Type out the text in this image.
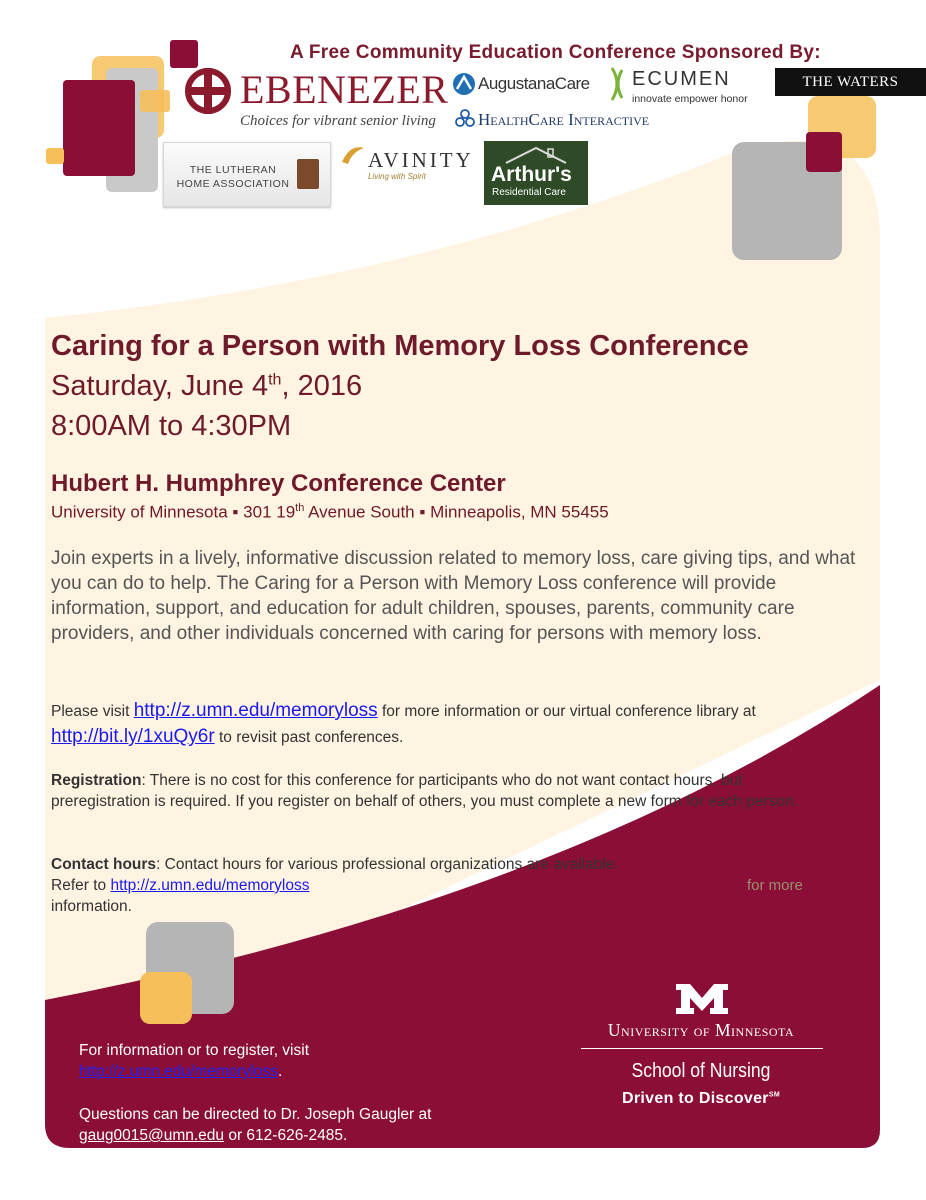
A Free Community Education Conference Sponsored By:
EBENEZER
Choices for vibrant senior living
AugustanaCare ECUMEN
innovate empower honor
THE WATERS
HealthCare Interactive
THE LUTHERAN HOME ASSOCIATION
AVINITY
Living with Spirit	Arthur's
Residential Care
Caring for a Person with Memory Loss Conference
Saturday, June 4th, 2016
8:00AM to 4:30PM
Hubert H. Humphrey Conference Center
University of Minnesota ▪ 301 19th Avenue South ▪ Minneapolis, MN 55455
Join experts in a lively, informative discussion related to memory loss, care giving tips, and what you can do to help. The Caring for a Person with Memory Loss conference will provide information, support, and education for adult children, spouses, parents, community care providers, and other individuals concerned with caring for persons with memory loss.
Please visit http://z.umn.edu/memoryloss for more information or our virtual conference library at http://bit.ly/1xuQy6r to revisit past conferences.
Registration: There is no cost for this conference for participants who do not want contact hours, but preregistration is required. If you register on behalf of others, you must complete a new form for each person.
Contact hours: Contact hours for various professional organizations are available. Refer to http://z.umn.edu/memoryloss
information.
for more
For information or to register, visit
http://z.umn.edu/memoryloss.
Questions can be directed to Dr. Joseph Gaugler at
gaug0015@umn.edu or 612-626-2485.
University of Minnesota
School of Nursing
Driven to Discover℠
